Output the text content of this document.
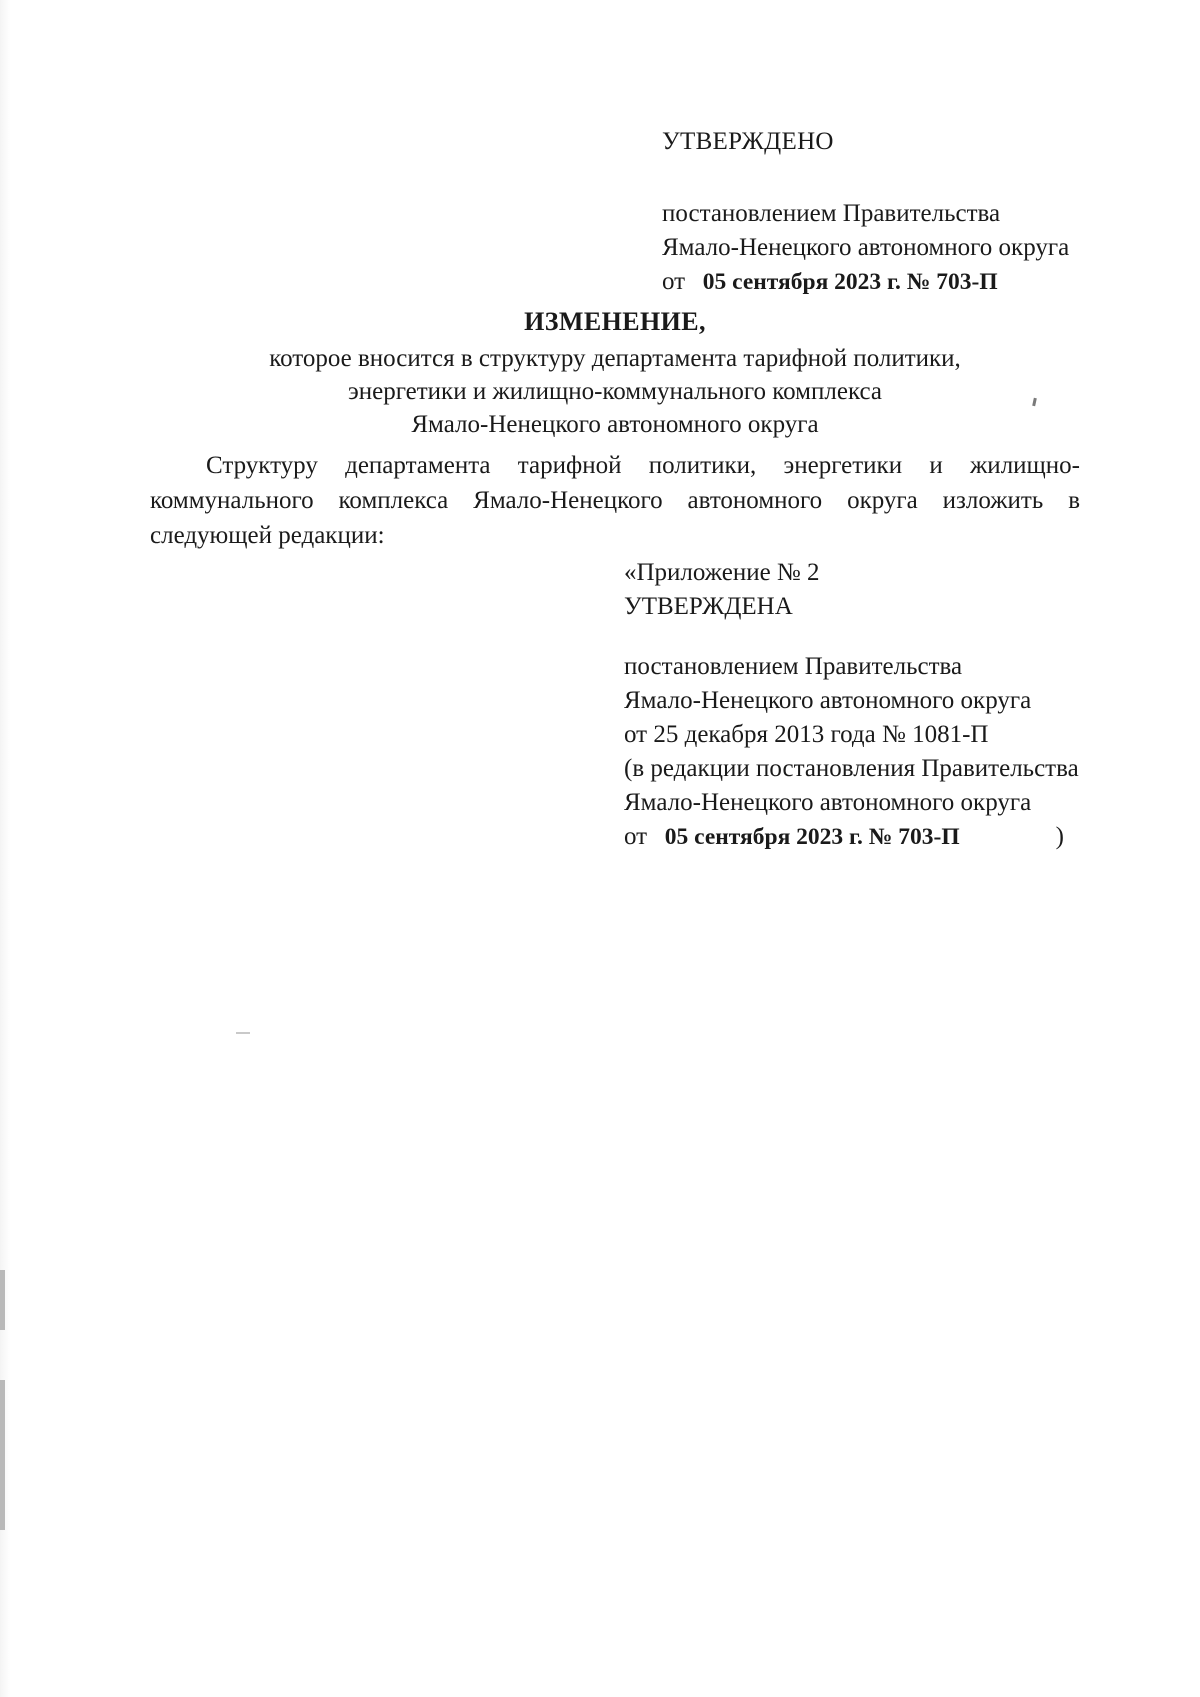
УТВЕРЖДЕНО
постановлением Правительства
Ямало-Ненецкого автономного округа
от 05 сентября 2023 г. № 703-П
ИЗМЕНЕНИЕ,
которое вносится в структуру департамента тарифной политики,
энергетики и жилищно-коммунального комплекса
Ямало-Ненецкого автономного округа
Структуру департамента тарифной политики, энергетики и жилищно-коммунального комплекса Ямало-Ненецкого автономного округа изложить в следующей редакции:
«Приложение № 2
УТВЕРЖДЕНА
постановлением Правительства
Ямало-Ненецкого автономного округа
от 25 декабря 2013 года № 1081-П
(в редакции постановления Правительства
Ямало-Ненецкого автономного округа
от 05 сентября 2023 г. № 703-П	)
